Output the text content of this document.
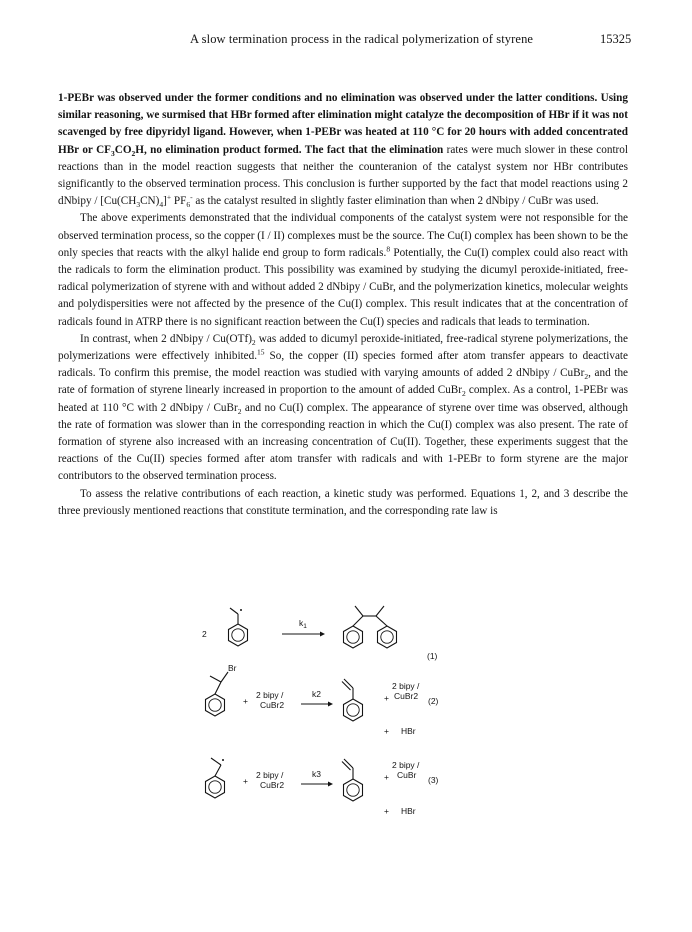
A slow termination process in the radical polymerization of styrene	15325

1-PEBr was observed under the former conditions and no elimination was observed under the latter conditions. Using similar reasoning, we surmised that HBr formed after elimination might catalyze the decomposition of HBr if it was not scavenged by free dipyridyl ligand. However, when 1-PEBr was heated at 110 °C for 20 hours with added concentrated HBr or $CF_3CO_2H$, no elimination product formed. The fact that the elimination rates were much slower in these control reactions than in the model reaction suggests that neither the counteranion of the catalyst system nor HBr contributes significantly to the observed termination process. This conclusion is further supported by the fact that model reactions using 2 dNbipy / $[Cu(CH_3CN)_4]^+$ $PF_6^-$ as the catalyst resulted in slightly faster elimination than when 2 dNbipy / CuBr was used.

The above experiments demonstrated that the individual components of the catalyst system were not responsible for the observed termination process, so the copper (I / II) complexes must be the source. The Cu(I) complex has been shown to be the only species that reacts with the alkyl halide end group to form radicals.$^8$ Potentially, the Cu(I) complex could also react with the radicals to form the elimination product. This possibility was examined by studying the dicumyl peroxide-initiated, free-radical polymerization of styrene with and without added 2 dNbipy / CuBr, and the polymerization kinetics, molecular weights and polydispersities were not affected by the presence of the Cu(I) complex. This result indicates that at the concentration of radicals found in ATRP there is no significant reaction between the Cu(I) species and radicals that leads to termination.

In contrast, when 2 dNbipy / $Cu(OTf)_2$ was added to dicumyl peroxide-initiated, free-radical styrene polymerizations, the polymerizations were effectively inhibited.$^{15}$ So, the copper (II) species formed after atom transfer appears to deactivate radicals. To confirm this premise, the model reaction was studied with varying amounts of added 2 dNbipy / CuBr$_2$, and the rate of formation of styrene linearly increased in proportion to the amount of added CuBr$_2$ complex. As a control, 1-PEBr was heated at 110 °C with 2 dNbipy / CuBr$_2$ and no Cu(I) complex. The appearance of styrene over time was observed, although the rate of formation was slower than in the corresponding reaction in which the Cu(I) complex was also present. The rate of formation of styrene also increased with an increasing concentration of Cu(II). Together, these experiments suggest that the reactions of the Cu(II) species formed after atom transfer with radicals and with 1-PEBr to form styrene are the major contributors to the observed termination process.

To assess the relative contributions of each reaction, a kinetic study was performed. Equations 1, 2, and 3 describe the three previously mentioned reactions that constitute termination, and the corresponding rate law is

2
$k_1$
(1)
Br
+
2 bipy /
CuBr2
k2	+
2 bipy /
CuBr2 (2)
+ HBr
+
2 bipy /
CuBr2
k3	+
2 bipy /
CuBr (3)
+ HBr
